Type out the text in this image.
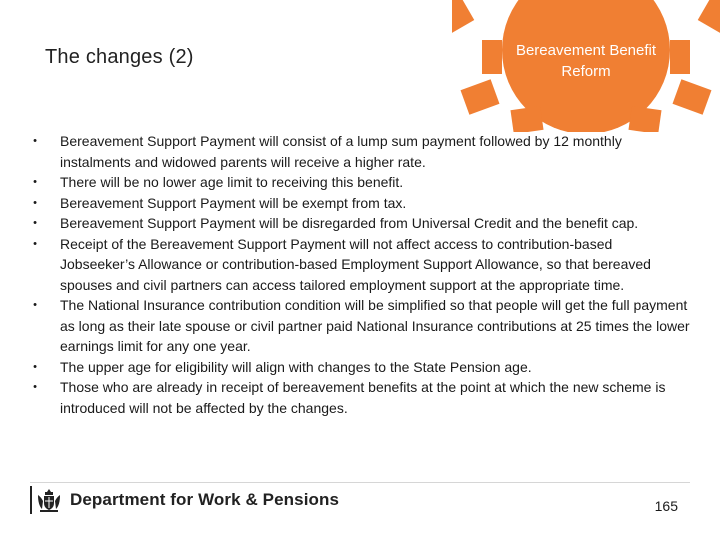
The changes (2)	Bereavement Benefit
Reform
• Bereavement Support Payment will consist of a lump sum payment followed by 12 monthly instalments and widowed parents will receive a higher rate.
• There will be no lower age limit to receiving this benefit.
• Bereavement Support Payment will be exempt from tax.
• Bereavement Support Payment will be disregarded from Universal Credit and the benefit cap.
• Receipt of the Bereavement Support Payment will not affect access to contribution-based Jobseeker’s Allowance or contribution-based Employment Support Allowance, so that bereaved spouses and civil partners can access tailored employment support at the appropriate time.
• The National Insurance contribution condition will be simplified so that people will get the full payment as long as their late spouse or civil partner paid National Insurance contributions at 25 times the lower earnings limit for any one year.
• The upper age for eligibility will align with changes to the State Pension age.
• Those who are already in receipt of bereavement benefits at the point at which the new scheme is introduced will not be affected by the changes.
Department for Work & Pensions	165
